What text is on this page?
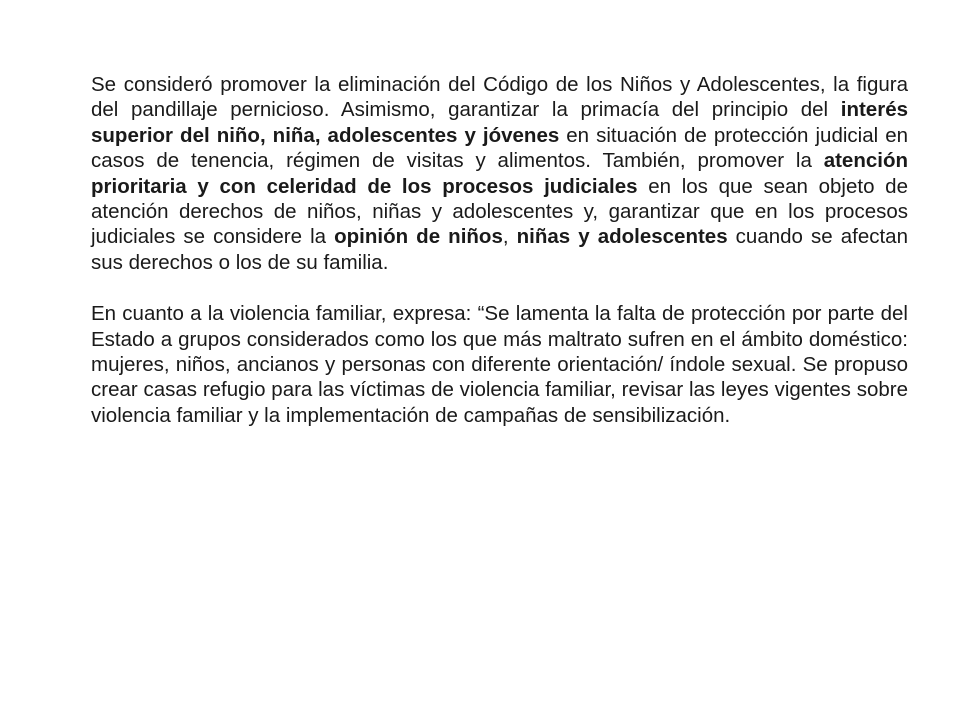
Se consideró promover la eliminación del Código de los Niños y Adolescentes, la figura del pandillaje pernicioso. Asimismo, garantizar la primacía del principio del interés superior del niño, niña, adolescentes y jóvenes en situación de protección judicial en casos de tenencia, régimen de visitas y alimentos. También, promover la atención prioritaria y con celeridad de los procesos judiciales en los que sean objeto de atención derechos de niños, niñas y adolescentes y, garantizar que en los procesos judiciales se considere la opinión de niños, niñas y adolescentes cuando se afectan sus derechos o los de su familia.

En cuanto a la violencia familiar, expresa: “Se lamenta la falta de protección por parte del Estado a grupos considerados como los que más maltrato sufren en el ámbito doméstico: mujeres, niños, ancianos y personas con diferente orientación/ índole sexual. Se propuso crear casas refugio para las víctimas de violencia familiar, revisar las leyes vigentes sobre violencia familiar y la implementación de campañas de sensibilización.
